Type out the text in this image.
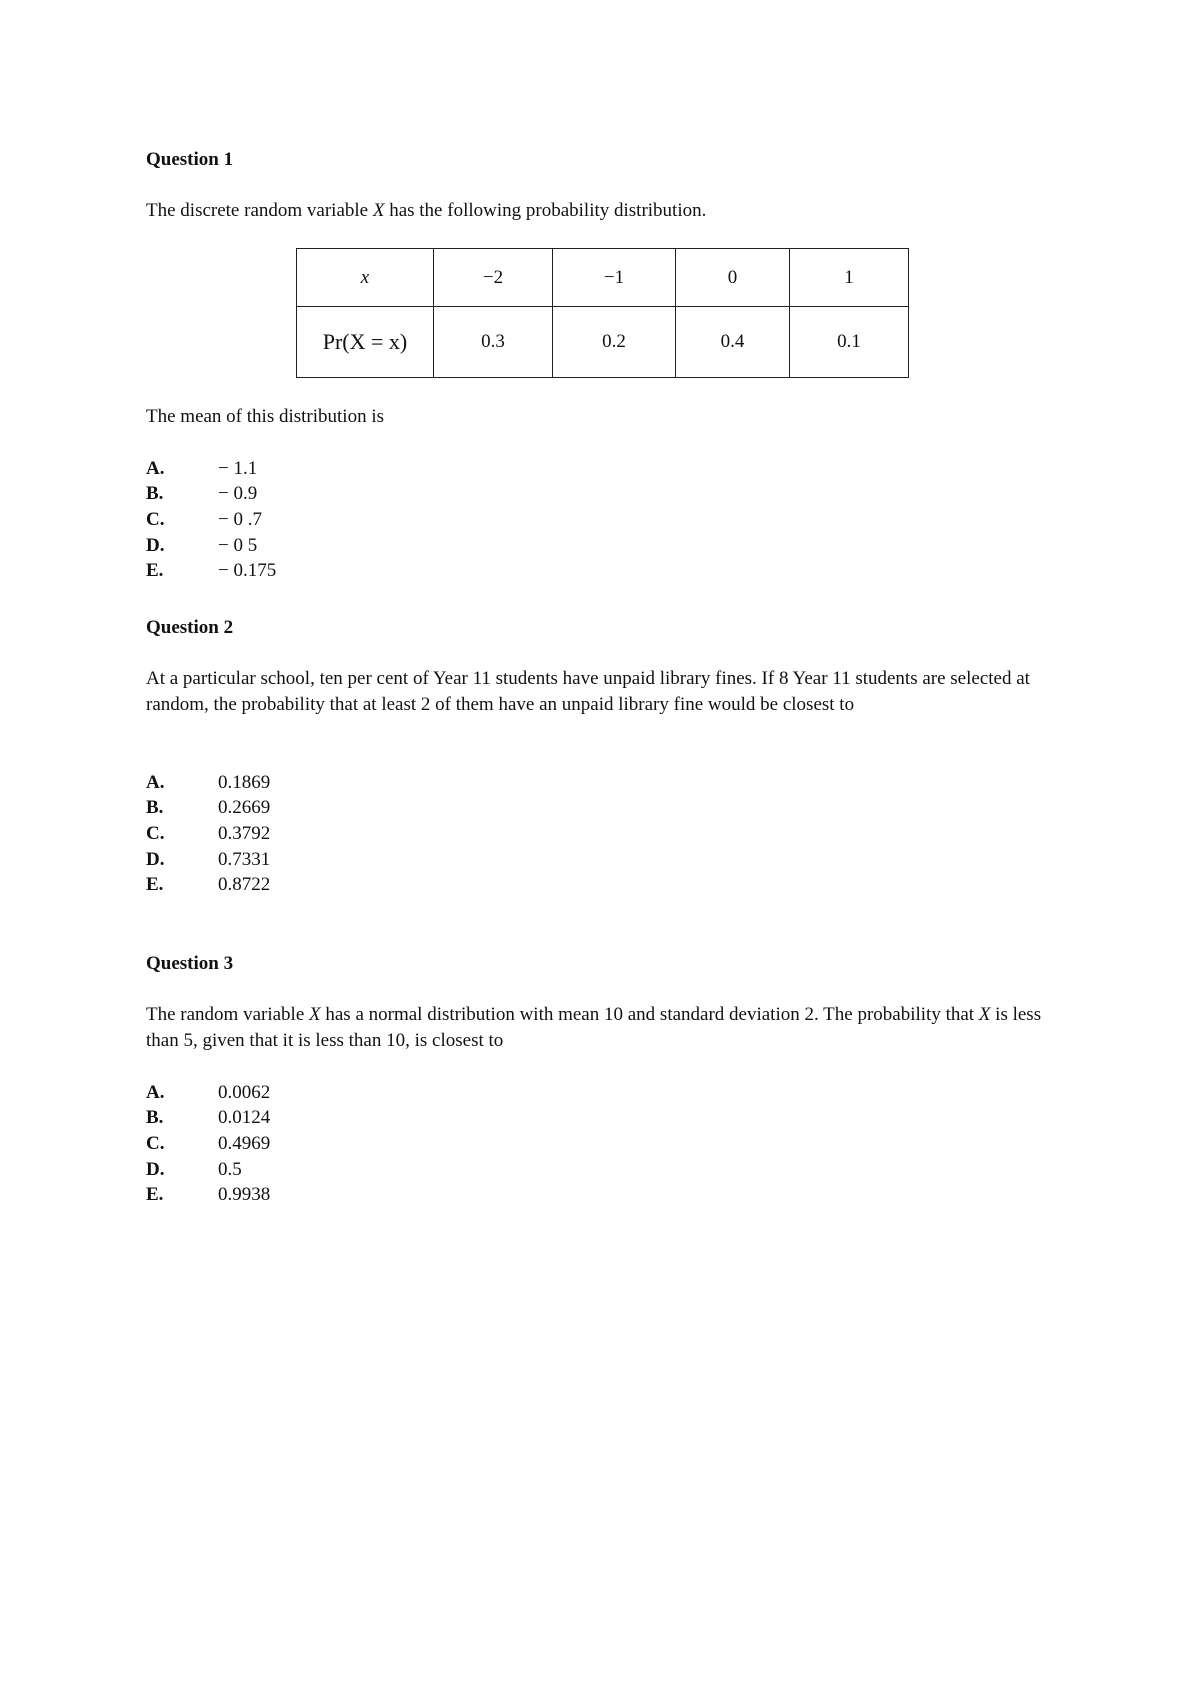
Question 1
The discrete random variable X has the following probability distribution.
x	−2	−1	0	1
Pr(X = x)	0.3	0.2	0.4	0.1
The mean of this distribution is
A.	− 1.1
B.	− 0.9
C.	− 0 .7
D.	− 0 5
E.	− 0.175
Question 2
At a particular school, ten per cent of Year 11 students have unpaid library fines. If 8 Year 11 students are selected at random, the probability that at least 2 of them have an unpaid library fine would be closest to
A.	0.1869
B.	0.2669
C.	0.3792
D.	0.7331
E.	0.8722
Question 3
The random variable X has a normal distribution with mean 10 and standard deviation 2. The probability that X is less than 5, given that it is less than 10, is closest to
A.	0.0062
B.	0.0124
C.	0.4969
D.	0.5
E.	0.9938
